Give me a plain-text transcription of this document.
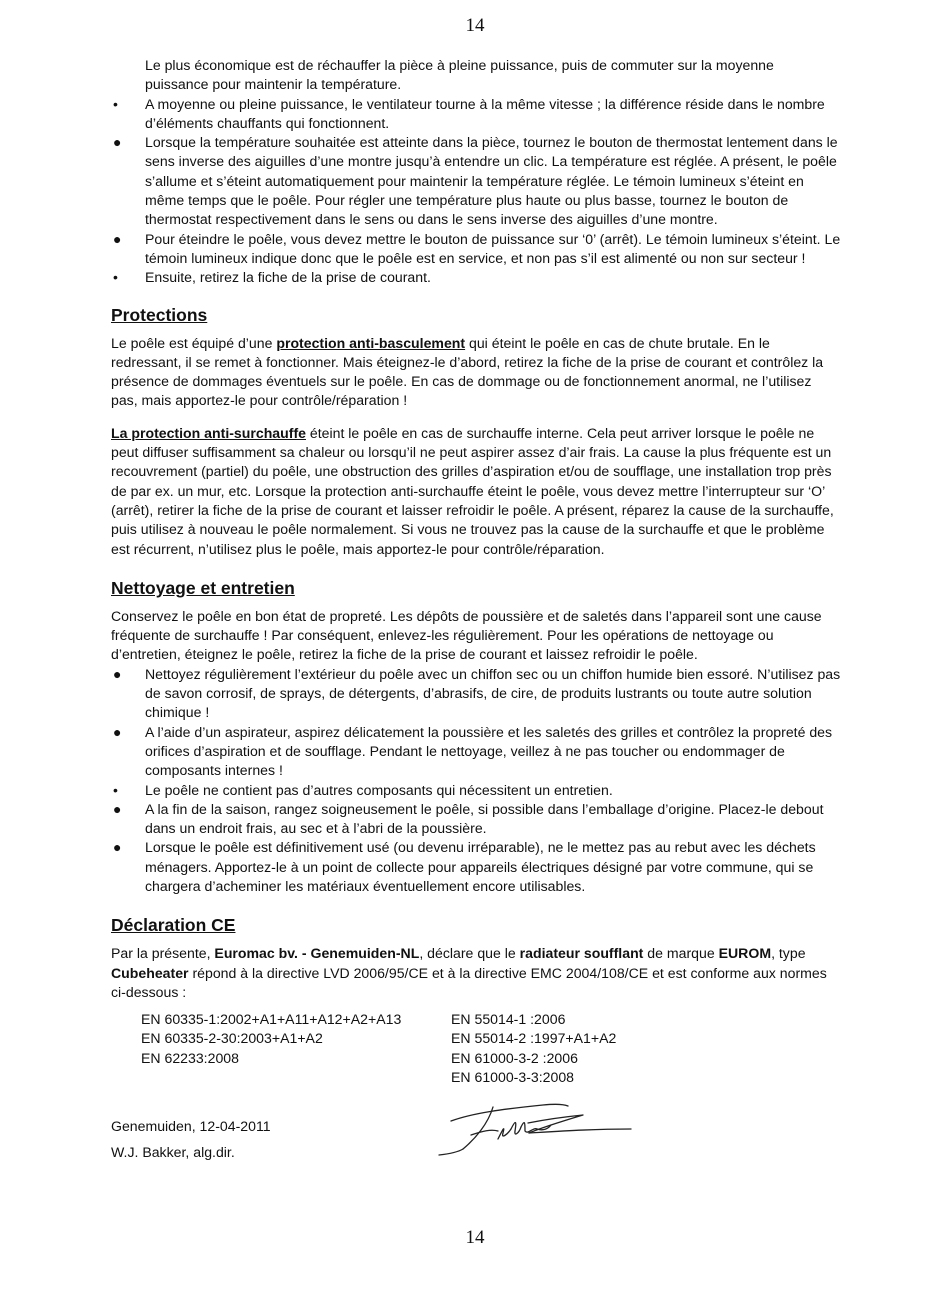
14

Le plus économique est de réchauffer la pièce à pleine puissance, puis de commuter sur la moyenne puissance pour maintenir la température.

• A moyenne ou pleine puissance, le ventilateur tourne à la même vitesse ; la différence réside dans le nombre d’éléments chauffants qui fonctionnent.
● Lorsque la température souhaitée est atteinte dans la pièce, tournez le bouton de thermostat lentement dans le sens inverse des aiguilles d’une montre jusqu’à entendre un clic. La température est réglée. A présent, le poêle s’allume et s’éteint automatiquement pour maintenir la température réglée. Le témoin lumineux s’éteint en même temps que le poêle. Pour régler une température plus haute ou plus basse, tournez le bouton de thermostat respectivement dans le sens ou dans le sens inverse des aiguilles d’une montre.
● Pour éteindre le poêle, vous devez mettre le bouton de puissance sur ‘0’ (arrêt). Le témoin lumineux s’éteint. Le témoin lumineux indique donc que le poêle est en service, et non pas s’il est alimenté ou non sur secteur !
• Ensuite, retirez la fiche de la prise de courant.

Protections

Le poêle est équipé d’une protection anti-basculement qui éteint le poêle en cas de chute brutale. En le redressant, il se remet à fonctionner. Mais éteignez-le d’abord, retirez la fiche de la prise de courant et contrôlez la présence de dommages éventuels sur le poêle. En cas de dommage ou de fonctionnement anormal, ne l’utilisez pas, mais apportez-le pour contrôle/réparation !

La protection anti-surchauffe éteint le poêle en cas de surchauffe interne. Cela peut arriver lorsque le poêle ne peut diffuser suffisamment sa chaleur ou lorsqu’il ne peut aspirer assez d’air frais. La cause la plus fréquente est un recouvrement (partiel) du poêle, une obstruction des grilles d’aspiration et/ou de soufflage, une installation trop près de par ex. un mur, etc. Lorsque la protection anti-surchauffe éteint le poêle, vous devez mettre l’interrupteur sur ‘O’ (arrêt), retirer la fiche de la prise de courant et laisser refroidir le poêle. A présent, réparez la cause de la surchauffe, puis utilisez à nouveau le poêle normalement. Si vous ne trouvez pas la cause de la surchauffe et que le problème est récurrent, n’utilisez plus le poêle, mais apportez-le pour contrôle/réparation.

Nettoyage et entretien

Conservez le poêle en bon état de propreté. Les dépôts de poussière et de saletés dans l’appareil sont une cause fréquente de surchauffe ! Par conséquent, enlevez-les régulièrement. Pour les opérations de nettoyage ou d’entretien, éteignez le poêle, retirez la fiche de la prise de courant et laissez refroidir le poêle.

● Nettoyez régulièrement l’extérieur du poêle avec un chiffon sec ou un chiffon humide bien essoré. N’utilisez pas de savon corrosif, de sprays, de détergents, d’abrasifs, de cire, de produits lustrants ou toute autre solution chimique !
● A l’aide d’un aspirateur, aspirez délicatement la poussière et les saletés des grilles et contrôlez la propreté des orifices d’aspiration et de soufflage. Pendant le nettoyage, veillez à ne pas toucher ou endommager de composants internes !
• Le poêle ne contient pas d’autres composants qui nécessitent un entretien.
● A la fin de la saison, rangez soigneusement le poêle, si possible dans l’emballage d’origine. Placez-le debout dans un endroit frais, au sec et à l’abri de la poussière.
● Lorsque le poêle est définitivement usé (ou devenu irréparable), ne le mettez pas au rebut avec les déchets ménagers. Apportez-le à un point de collecte pour appareils électriques désigné par votre commune, qui se chargera d’acheminer les matériaux éventuellement encore utilisables.

Déclaration CE

Par la présente, Euromac bv. - Genemuiden-NL, déclare que le radiateur soufflant de marque EUROM, type Cubeheater répond à la directive LVD 2006/95/CE et à la directive EMC 2004/108/CE et est conforme aux normes ci-dessous :

EN 60335-1:2002+A1+A11+A12+A2+A13
EN 60335-2-30:2003+A1+A2
EN 62233:2008
EN 55014-1 :2006
EN 55014-2 :1997+A1+A2
EN 61000-3-2 :2006
EN 61000-3-3:2008
Genemuiden, 12-04-2011
W.J. Bakker, alg.dir.
14
